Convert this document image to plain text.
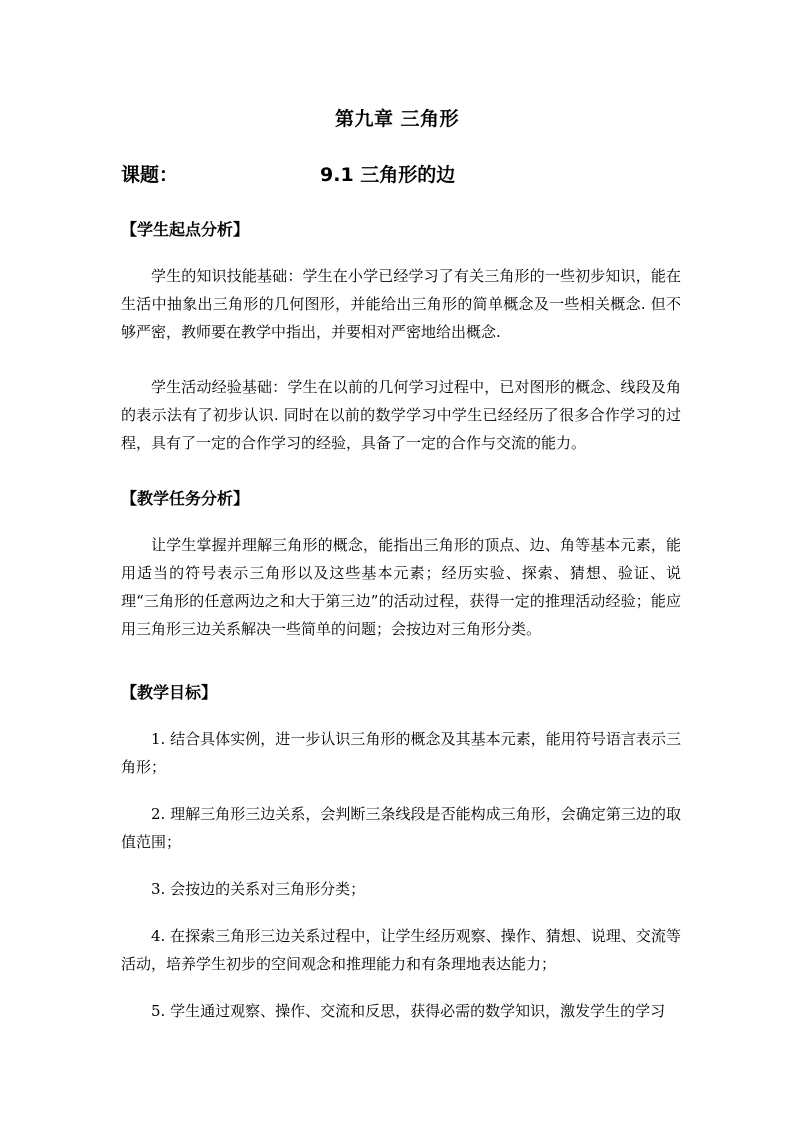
第九章 三角形
课题：	9.1 三角形的边
【学生起点分析】
学生的知识技能基础：学生在小学已经学习了有关三角形的一些初步知识，能在生活中抽象出三角形的几何图形，并能给出三角形的简单概念及一些相关概念. 但不够严密，教师要在教学中指出，并要相对严密地给出概念.
学生活动经验基础：学生在以前的几何学习过程中，已对图形的概念、线段及角的表示法有了初步认识. 同时在以前的数学学习中学生已经经历了很多合作学习的过程，具有了一定的合作学习的经验，具备了一定的合作与交流的能力。
【教学任务分析】
让学生掌握并理解三角形的概念，能指出三角形的顶点、边、角等基本元素，能用适当的符号表示三角形以及这些基本元素；经历实验、探索、猜想、验证、说理“三角形的任意两边之和大于第三边”的活动过程，获得一定的推理活动经验；能应用三角形三边关系解决一些简单的问题；会按边对三角形分类。
【教学目标】
1. 结合具体实例，进一步认识三角形的概念及其基本元素，能用符号语言表示三角形；
2. 理解三角形三边关系，会判断三条线段是否能构成三角形，会确定第三边的取值范围；
3. 会按边的关系对三角形分类；
4. 在探索三角形三边关系过程中，让学生经历观察、操作、猜想、说理、交流等活动，培养学生初步的空间观念和推理能力和有条理地表达能力；
5. 学生通过观察、操作、交流和反思，获得必需的数学知识，激发学生的学习
